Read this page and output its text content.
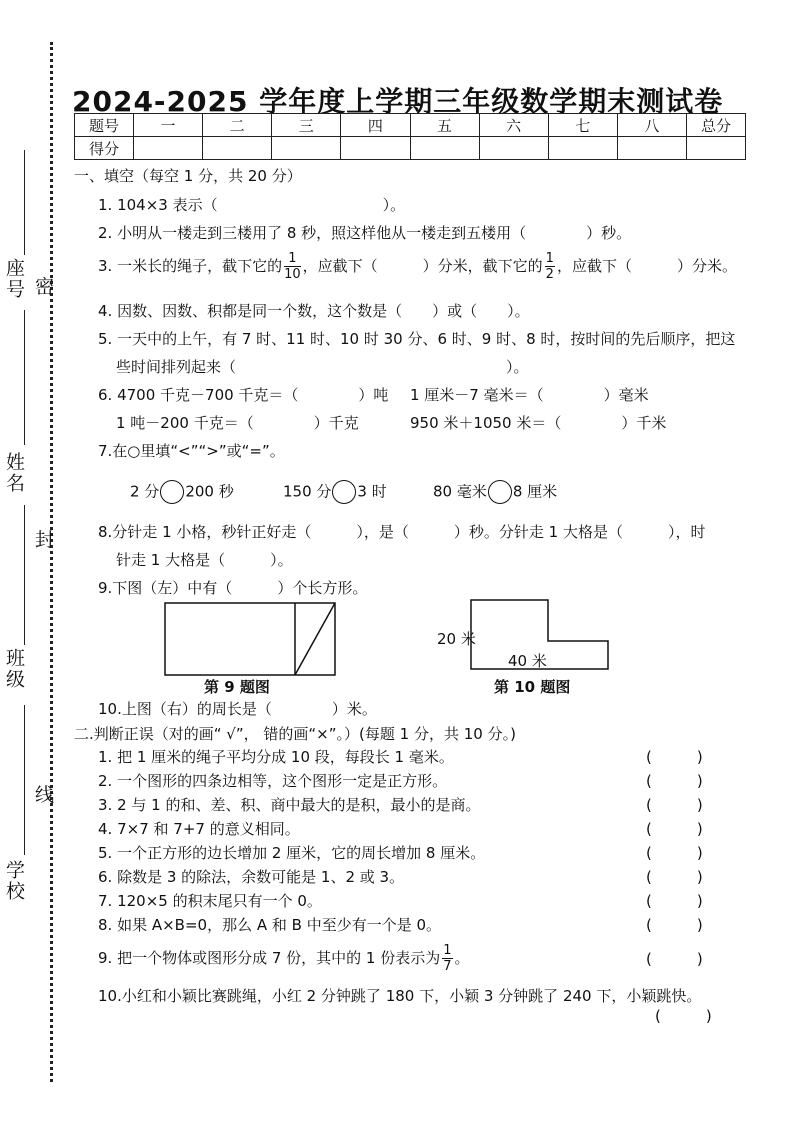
座号
姓名
班级
学校
密
封
线
2024-2025 学年度上学期三年级数学期末测试卷
题号	一	二	三	四	五	六	七	八	总分
得分									
一、填空（每空 1 分，共 20 分）
1. 104×3 表示（　　　　　　　　　　　）。
2. 小明从一楼走到三楼用了 8 秒，照这样他从一楼走到五楼用（　　　　）秒。
3. 一米长的绳子，截下它的 $\frac{1}{10}$ ，应截下（　　　）分米，截下它的 $\frac{1}{2}$ ，应截下（　　　）分米。
4. 因数、因数、积都是同一个数，这个数是（　　）或（　　）。
5. 一天中的上午，有 7 时、11 时、10 时 30 分、6 时、9 时、8 时，按时间的先后顺序，把这
些时间排列起来（　　　　　　　　　　　　　　　　　　）。
6. 4700 千克－700 千克＝（　　　　）吨 1 厘米－7 毫米＝（　　　　）毫米
1 吨－200 千克＝（　　　　）千克	950 米＋1050 米＝（　　　　）千米
7.在○里填“<”“>”或“=”。
2 分 200 秒	150 分 3 时	80 毫米 8 厘米
8.分针走 1 小格，秒针正好走（　　　），是（　　　）秒。分针走 1 大格是（　　　），时
针走 1 大格是（　　　）。
9.下图（左）中有（　　　）个长方形。
第 9 题图
20 米
40 米
第 10 题图
10.上图（右）的周长是（　　　　）米。
二.判断正误（对的画“ √”， 错的画“×”。）(每题 1 分，共 10 分。)
1. 把 1 厘米的绳子平均分成 10 段，每段长 1 毫米。	(　　　)
2. 一个图形的四条边相等，这个图形一定是正方形。	(　　　)
3. 2 与 1 的和、差、积、商中最大的是积，最小的是商。	(　　　)
4. 7×7 和 7+7 的意义相同。	(　　　)
5. 一个正方形的边长增加 2 厘米，它的周长增加 8 厘米。	(　　　)
6. 除数是 3 的除法，余数可能是 1、2 或 3。	(　　　)
7. 120×5 的积末尾只有一个 0。	(　　　)
8. 如果 A×B=0，那么 A 和 B 中至少有一个是 0。	(　　　)
9. 把一个物体或图形分成 7 份，其中的 1 份表示为 $\frac{1}{7}$ 。	(　　　)
10.小红和小颖比赛跳绳，小红 2 分钟跳了 180 下，小颖 3 分钟跳了 240 下，小颖跳快。
(　　　)
